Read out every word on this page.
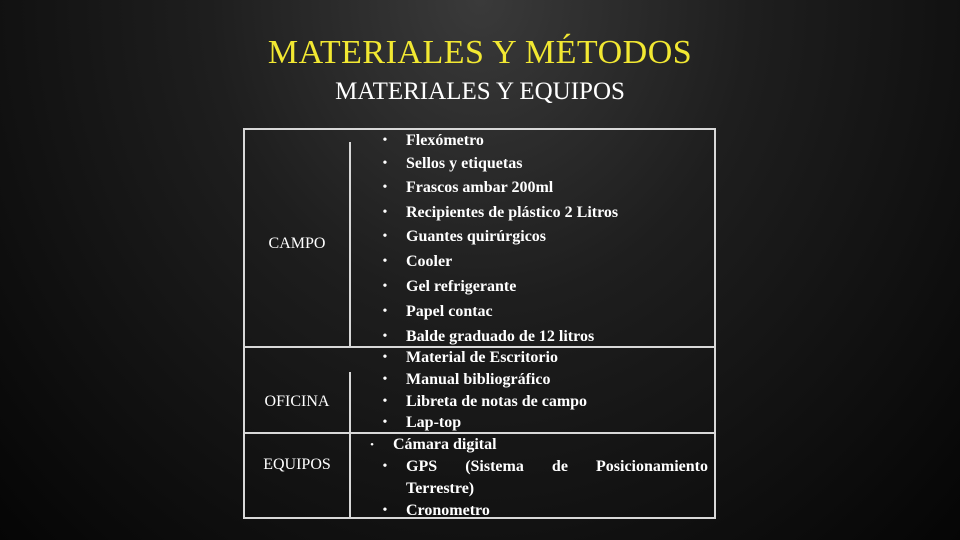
MATERIALES Y MÉTODOS
MATERIALES Y EQUIPOS
CAMPO
• Flexómetro
• Sellos y etiquetas
• Frascos ambar 200ml
• Recipientes de plástico 2 Litros
• Guantes quirúrgicos
• Cooler
• Gel refrigerante
• Papel contac
• Balde graduado de 12 litros
OFICINA
• Material de Escritorio
• Manual bibliográfico
• Libreta de notas de campo
• Lap-top
EQUIPOS
• Cámara digital
• GPS (Sistema de Posicionamiento
Terrestre)
• Cronometro
